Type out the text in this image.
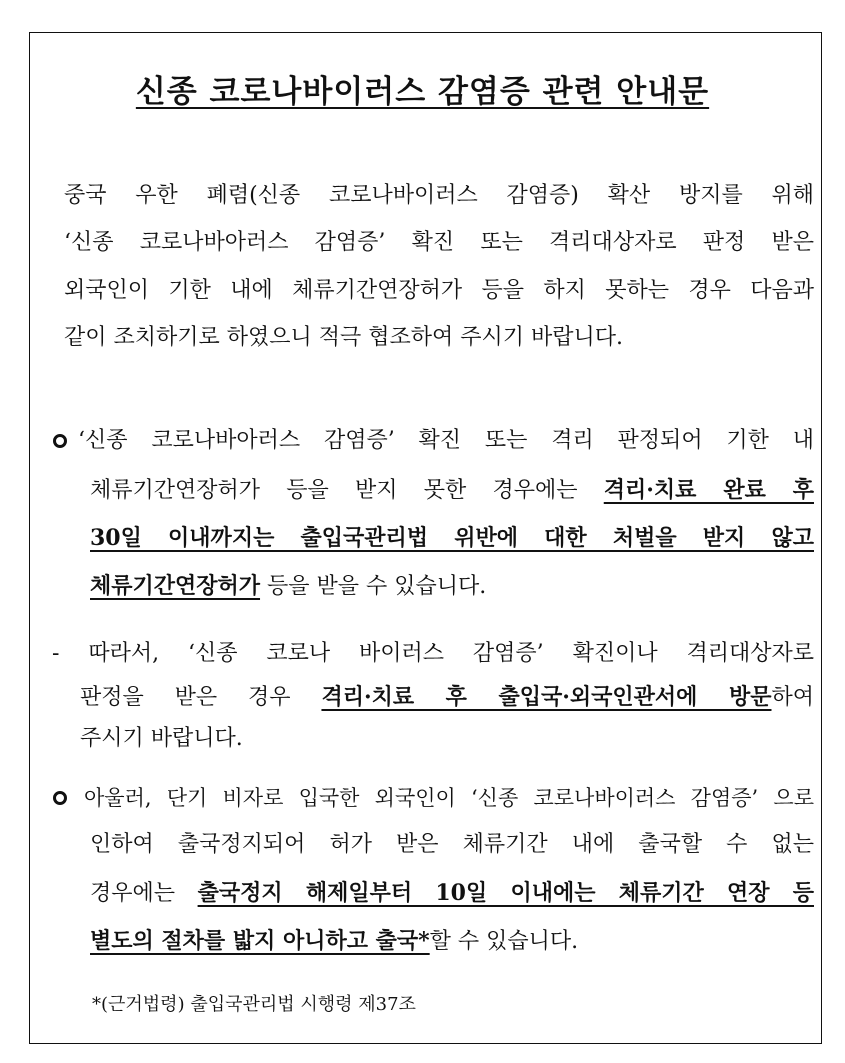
신종 코로나바이러스 감염증 관련 안내문
중국 우한 폐렴(신종 코로나바이러스 감염증) 확산 방지를 위해
‘신종 코로나바아러스 감염증’ 확진 또는 격리대상자로 판정 받은
외국인이 기한 내에 체류기간연장허가 등을 하지 못하는 경우 다음과
같이 조치하기로 하였으니 적극 협조하여 주시기 바랍니다.
‘신종 코로나바아러스 감염증’ 확진 또는 격리 판정되어 기한 내
체류기간연장허가 등을 받지 못한 경우에는 격리·치료 완료 후
30일 이내까지는 출입국관리법 위반에 대한 처벌을 받지 않고
체류기간연장허가 등을 받을 수 있습니다.
- 따라서, ‘신종 코로나 바이러스 감염증’ 확진이나 격리대상자로
판정을 받은 경우 격리·치료 후 출입국·외국인관서에 방문하여
주시기 바랍니다.
아울러, 단기 비자로 입국한 외국인이 ‘신종 코로나바이러스 감염증’ 으로
인하여 출국정지되어 허가 받은 체류기간 내에 출국할 수 없는
경우에는 출국정지 해제일부터 10일 이내에는 체류기간 연장 등
별도의 절차를 밟지 아니하고 출국*할 수 있습니다.
*(근거법령) 출입국관리법 시행령 제37조
